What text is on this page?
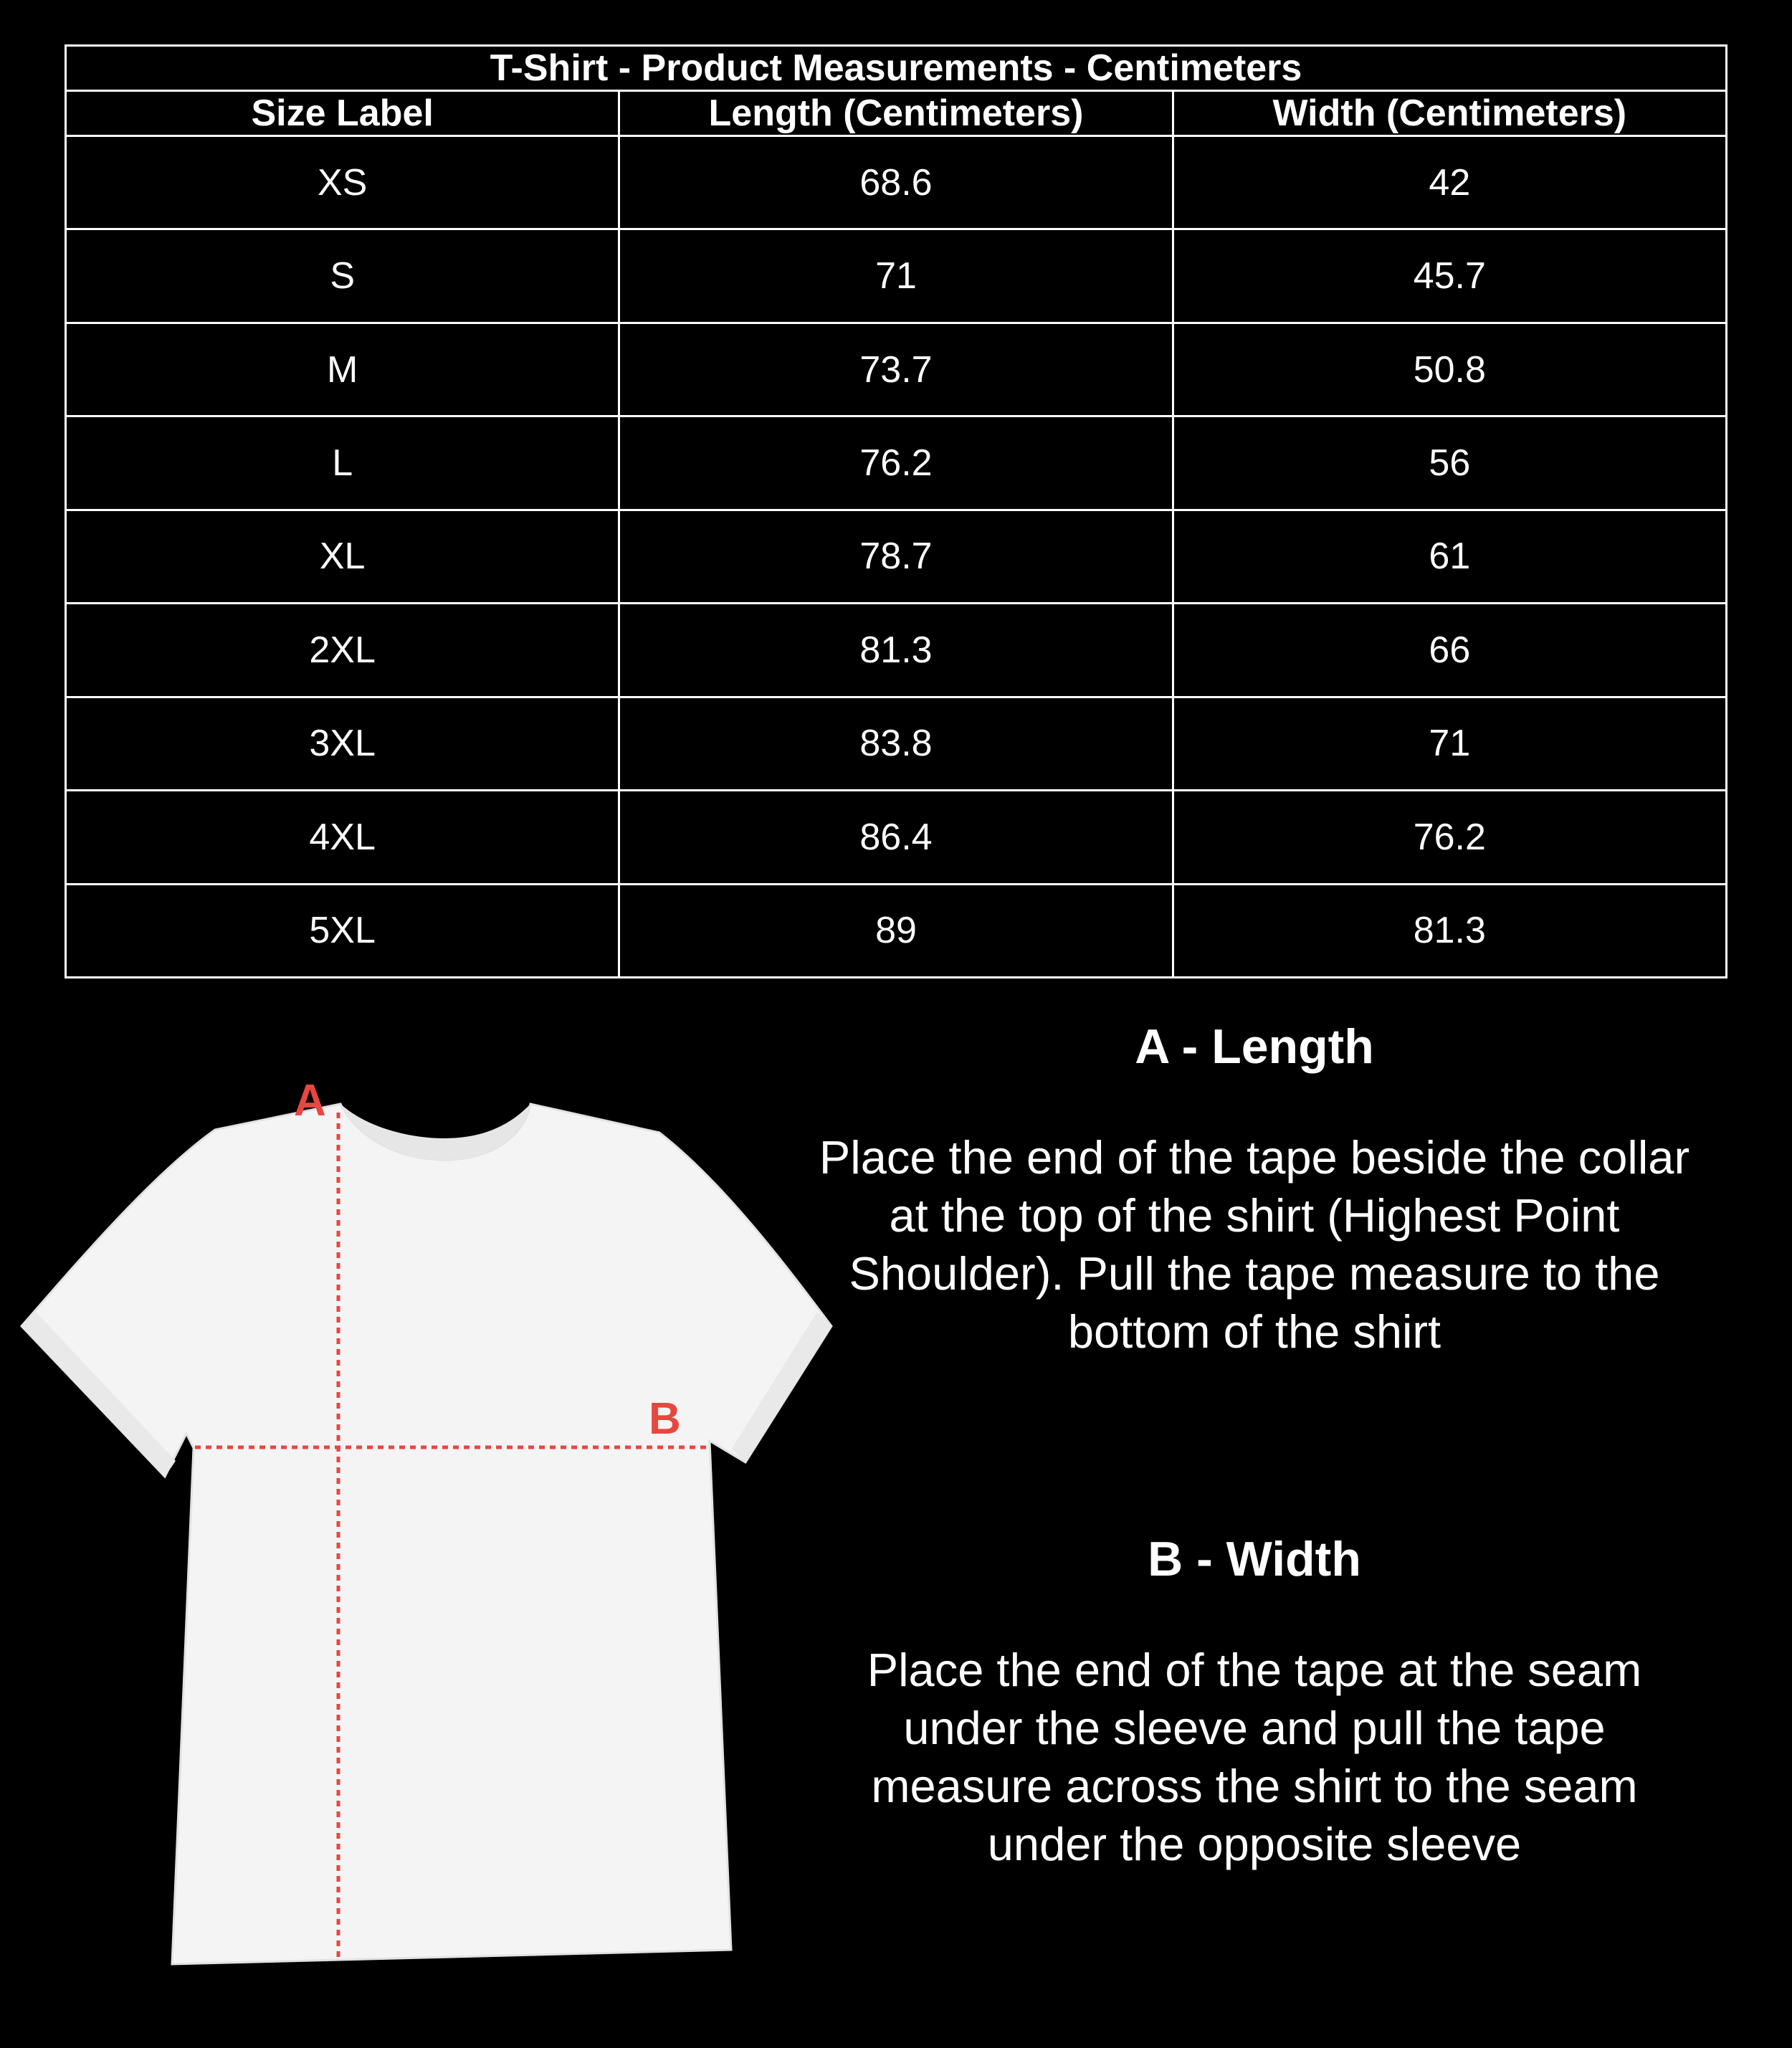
T-Shirt - Product Measurements - Centimeters		
Size Label	Length (Centimeters)	Width (Centimeters)
XS	68.6	42
S	71	45.7
M	73.7	50.8
L	76.2	56
XL	78.7	61
2XL	81.3	66
3XL	83.8	71
4XL	86.4	76.2
5XL	89	81.3
A
B
A - Length

Place the end of the tape beside the collar at the top of the shirt (Highest Point Shoulder). Pull the tape measure to the bottom of the shirt

B - Width

Place the end of the tape at the seam under the sleeve and pull the tape measure across the shirt to the seam under the opposite sleeve
